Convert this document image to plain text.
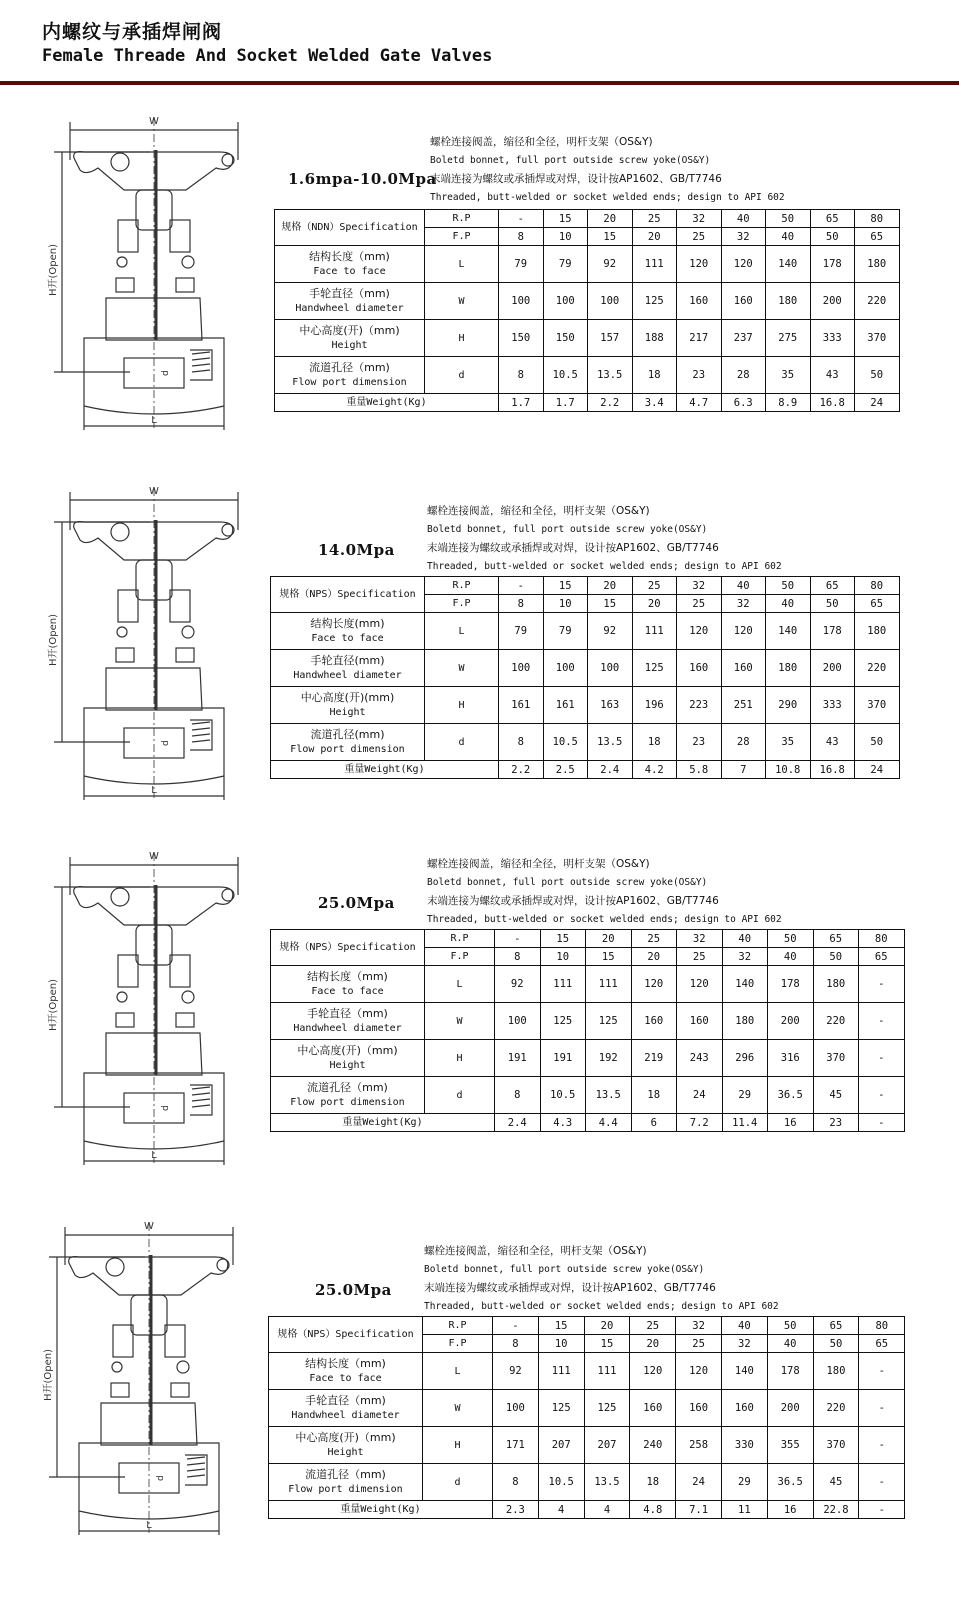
内螺纹与承插焊闸阀
Female Threade And Socket Welded Gate Valves
W
L
d
H开(Open)
1.6mpa-10.0Mpa
螺栓连接阀盖，缩径和全径，明杆支架（OS&Y)
Boletd bonnet, full port outside screw yoke(OS&Y)
末端连接为螺纹或承插焊或对焊，设计按AP1602、GB/T7746
Threaded, butt-welded or socket welded ends; design to API 602
规格（NDN）Specification	R.P	-	15	20	25	32	40	50	65	80
	F.P	8	10	15	20	25	32	40	50	65
结构长度（mm)
Face to face	L	79	79	92	111	120	120	140	178	180
手轮直径（mm)
Handwheel diameter	W	100	100	100	125	160	160	180	200	220
中心高度(开)（mm)
Height	H	150	150	157	188	217	237	275	333	370
流道孔径（mm)
Flow port dimension	d	8	10.5	13.5	18	23	28	35	43	50
重量Weight(Kg)		1.7	1.7	2.2	3.4	4.7	6.3	8.9	16.8	24
W
L
d
H开(Open)
14.0Mpa
螺栓连接阀盖，缩径和全径，明杆支架（OS&Y)
Boletd bonnet, full port outside screw yoke(OS&Y)
末端连接为螺纹或承插焊或对焊，设计按AP1602、GB/T7746
Threaded, butt-welded or socket welded ends; design to API 602
规格（NPS）Specification	R.P	-	15	20	25	32	40	50	65	80
	F.P	8	10	15	20	25	32	40	50	65
结构长度(mm)
Face to face	L	79	79	92	111	120	120	140	178	180
手轮直径(mm)
Handwheel diameter	W	100	100	100	125	160	160	180	200	220
中心高度(开)(mm)
Height	H	161	161	163	196	223	251	290	333	370
流道孔径(mm)
Flow port dimension	d	8	10.5	13.5	18	23	28	35	43	50
重量Weight(Kg)		2.2	2.5	2.4	4.2	5.8	7	10.8	16.8	24
W
L
d
H开(Open)
25.0Mpa
螺栓连接阀盖，缩径和全径，明杆支架（OS&Y)
Boletd bonnet, full port outside screw yoke(OS&Y)
末端连接为螺纹或承插焊或对焊，设计按AP1602、GB/T7746
Threaded, butt-welded or socket welded ends; design to API 602
规格（NPS）Specification	R.P	-	15	20	25	32	40	50	65	80
	F.P	8	10	15	20	25	32	40	50	65
结构长度（mm)
Face to face	L	92	111	111	120	120	140	178	180	-
手轮直径（mm)
Handwheel diameter	W	100	125	125	160	160	180	200	220	-
中心高度(开)（mm)
Height	H	191	191	192	219	243	296	316	370	-
流道孔径（mm)
Flow port dimension	d	8	10.5	13.5	18	24	29	36.5	45	-
重量Weight(Kg)		2.4	4.3	4.4	6	7.2	11.4	16	23	-
W
L
d
H开(Open)
25.0Mpa
螺栓连接阀盖，缩径和全径，明杆支架（OS&Y)
Boletd bonnet, full port outside screw yoke(OS&Y)
末端连接为螺纹或承插焊或对焊，设计按AP1602、GB/T7746
Threaded, butt-welded or socket welded ends; design to API 602
规格（NPS）Specification	R.P	-	15	20	25	32	40	50	65	80
	F.P	8	10	15	20	25	32	40	50	65
结构长度（mm)
Face to face	L	92	111	111	120	120	140	178	180	-
手轮直径（mm)
Handwheel diameter	W	100	125	125	160	160	160	200	220	-
中心高度(开)（mm)
Height	H	171	207	207	240	258	330	355	370	-
流道孔径（mm)
Flow port dimension	d	8	10.5	13.5	18	24	29	36.5	45	-
重量Weight(Kg)		2.3	4	4	4.8	7.1	11	16	22.8	-
